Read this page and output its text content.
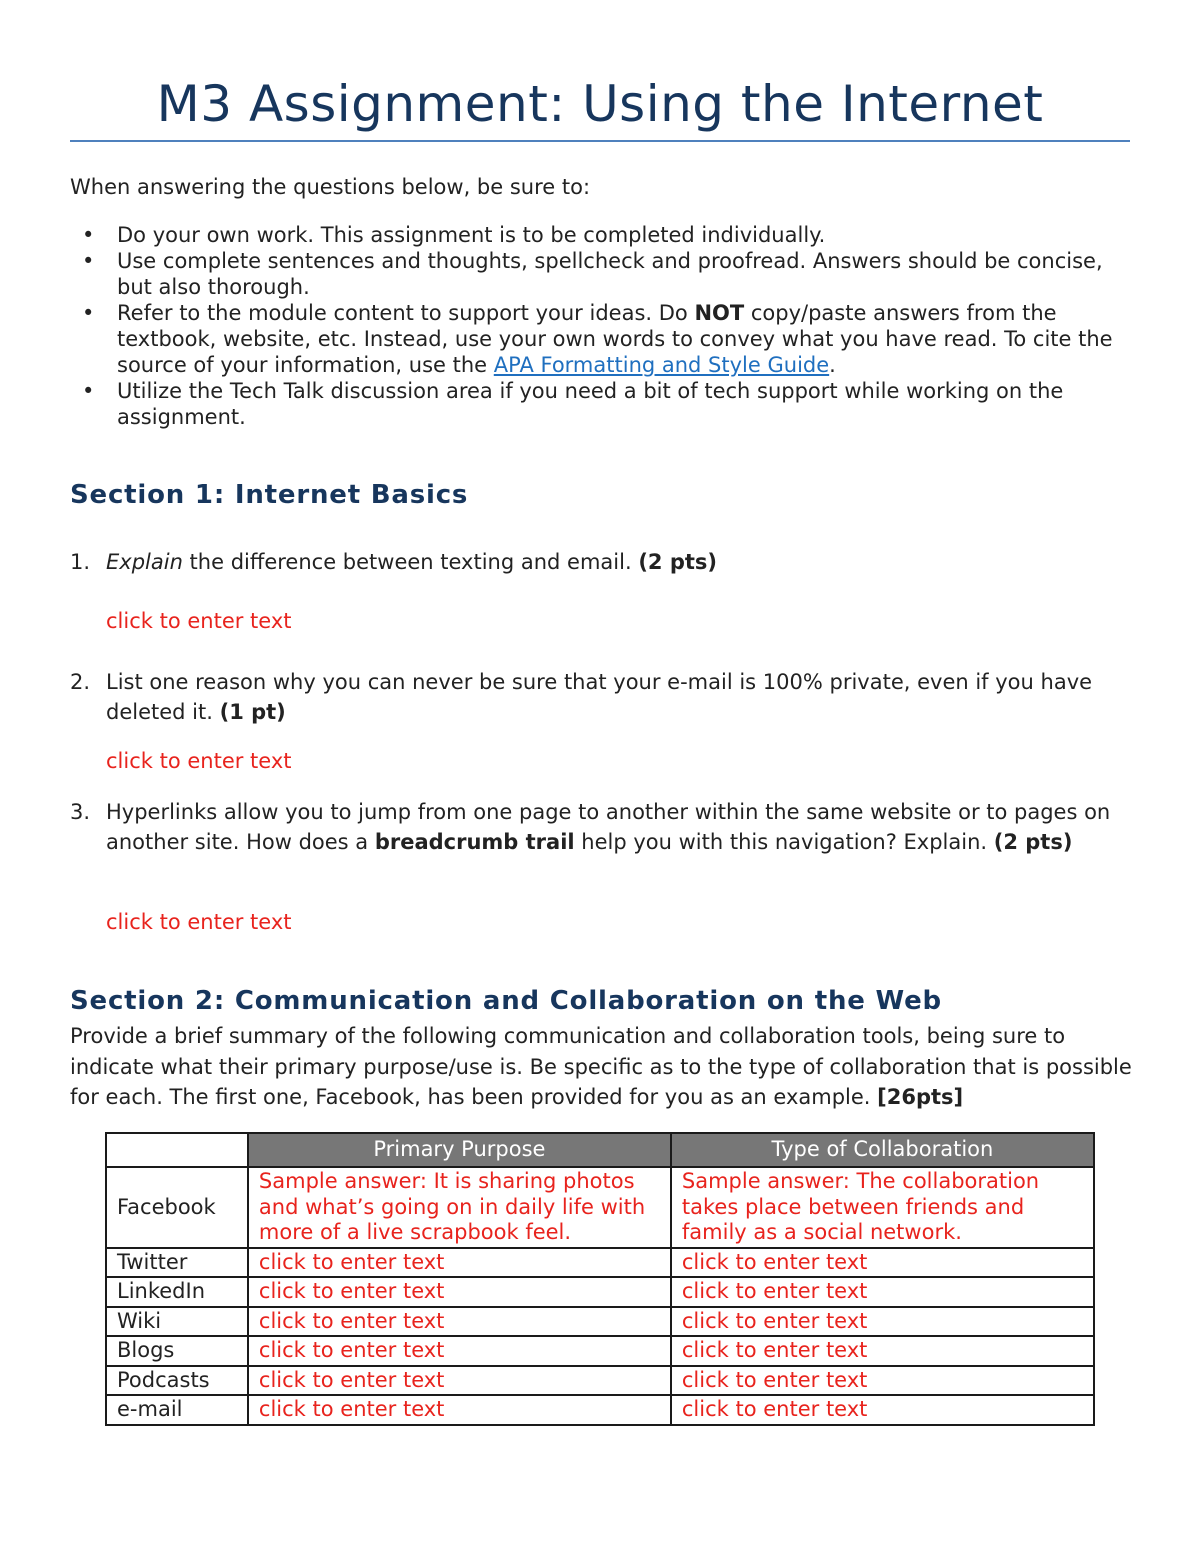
M3 Assignment: Using the Internet

When answering the questions below, be sure to:

• Do your own work. This assignment is to be completed individually.
• Use complete sentences and thoughts, spellcheck and proofread. Answers should be concise, but also thorough.
• Refer to the module content to support your ideas. Do NOT copy/paste answers from the textbook, website, etc. Instead, use your own words to convey what you have read. To cite the source of your information, use the APA Formatting and Style Guide.
• Utilize the Tech Talk discussion area if you need a bit of tech support while working on the assignment.
Section 1: Internet Basics

1. Explain the difference between texting and email. (2 pts)

click to enter text

2. List one reason why you can never be sure that your e-mail is 100% private, even if you have deleted it. (1 pt)

click to enter text

3. Hyperlinks allow you to jump from one page to another within the same website or to pages on another site. How does a breadcrumb trail help you with this navigation? Explain. (2 pts)

click to enter text

Section 2: Communication and Collaboration on the Web

Provide a brief summary of the following communication and collaboration tools, being sure to indicate what their primary purpose/use is. Be specific as to the type of collaboration that is possible for each. The first one, Facebook, has been provided for you as an example. [26pts]

	Primary Purpose	Type of Collaboration
Facebook	Sample answer: It is sharing photos and what’s going on in daily life with more of a live scrapbook feel.	Sample answer: The collaboration takes place between friends and family as a social network.
Twitter	click to enter text	click to enter text
LinkedIn	click to enter text	click to enter text
Wiki	click to enter text	click to enter text
Blogs	click to enter text	click to enter text
Podcasts	click to enter text	click to enter text
e-mail	click to enter text	click to enter text
